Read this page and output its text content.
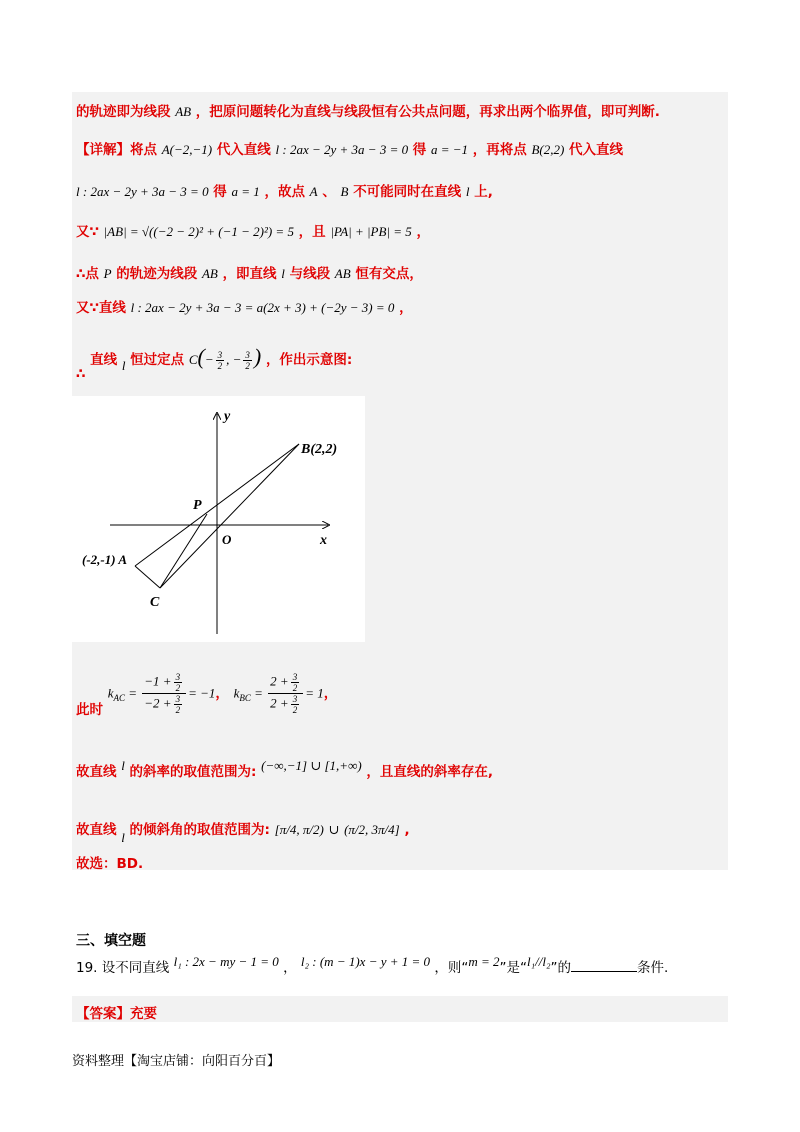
的轨迹即为线段 AB ，把原问题转化为直线与线段恒有公共点问题，再求出两个临界值，即可判断.
【详解】将点 A(−2,−1) 代入直线 l : 2ax − 2y + 3a − 3 = 0 得 a = −1 ，再将点 B(2,2) 代入直线
l : 2ax − 2y + 3a − 3 = 0 得 a = 1 ，故点 A 、 B 不可能同时在直线 l 上,
又∵ |AB| = √((−2 − 2)² + (−1 − 2)²) = 5 ，且 |PA| + |PB| = 5 ，
∴点 P 的轨迹为线段 AB ，即直线 l 与线段 AB 恒有交点，
又∵直线 l : 2ax − 2y + 3a − 3 = a(2x + 3) + (−2y − 3) = 0 ，
∴ 直线 l 恒过定点 $C(- \frac{3}{2}$ , − $\frac{3}{2}$ ) ，作出示意图:
y
x
O
P
B(2,2)
(-2,-1) A
C
此时 $k_{AC} = \frac{-1 + \frac{3}{2}}{-2 + \frac{3}{2}} = -1$， $k_{BC} = \frac{2 + \frac{3}{2}}{2 + \frac{3}{2}} = 1$，
故直线 l 的斜率的取值范围为: (−∞,−1] ∪ [1,+∞) ，且直线的斜率存在,
故直线 l 的倾斜角的取值范围为: [π/4, π/2) ∪ (π/2, 3π/4] ,
故选：BD.
三、填空题
19. 设不同直线 l₁ : 2x − my − 1 = 0 ， l₂ : (m − 1)x − y + 1 = 0 ，则“m = 2”是“l₁//l₂”的	条件.
【答案】充要
资料整理【淘宝店铺：向阳百分百】
